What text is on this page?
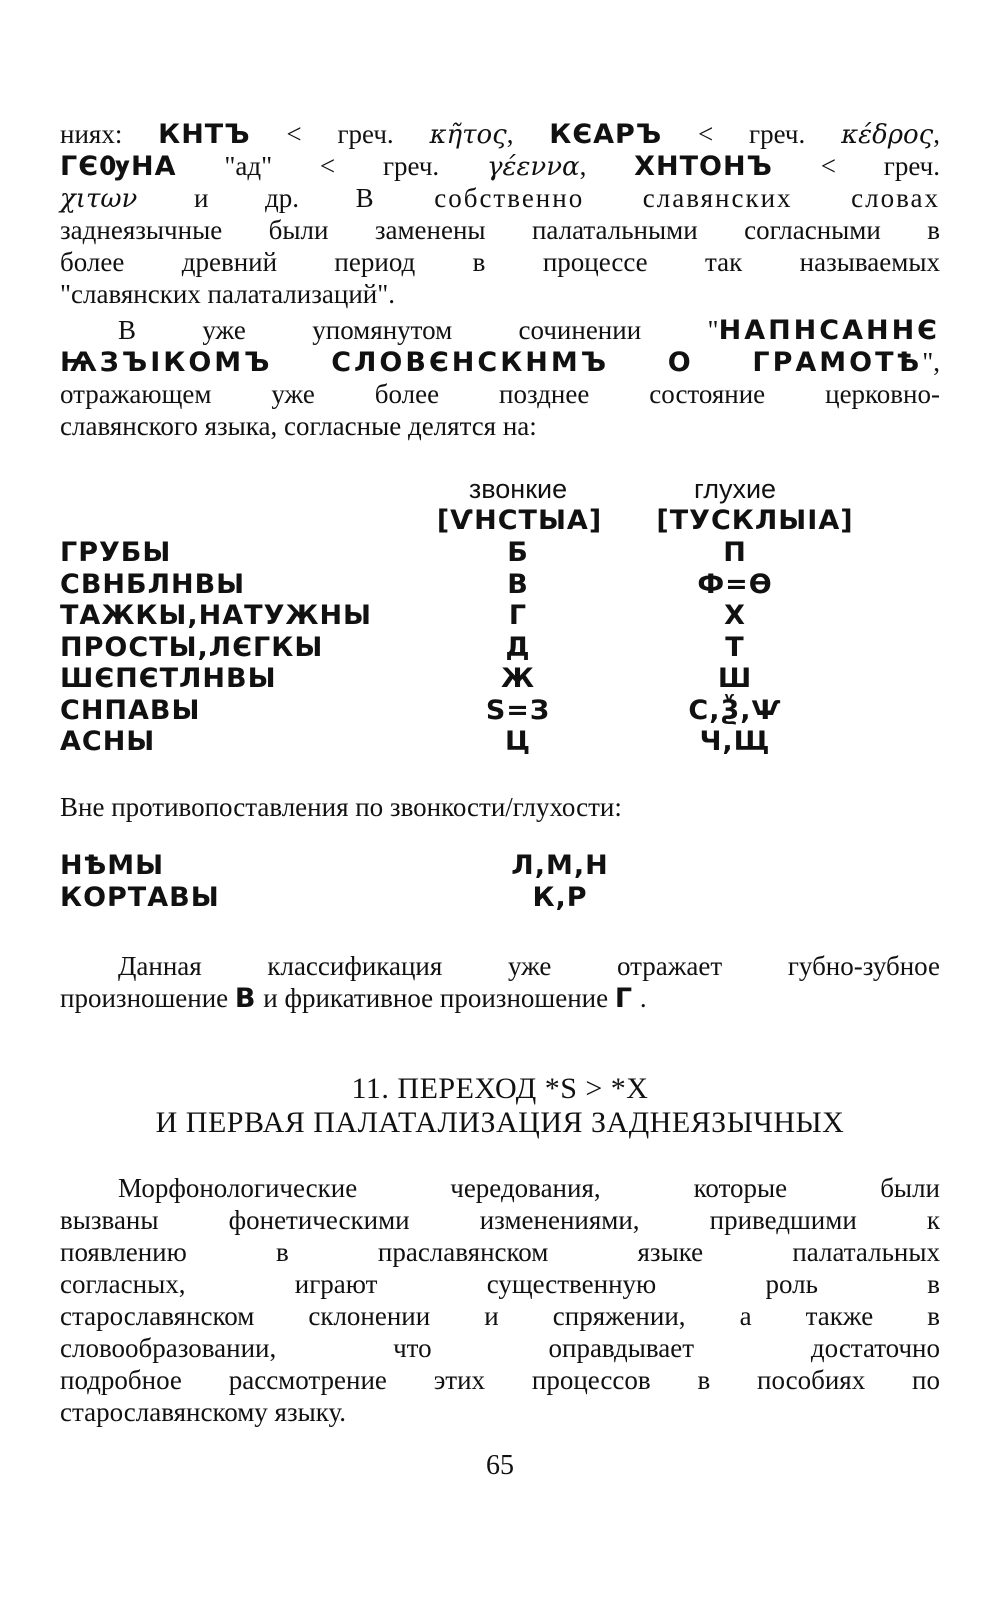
ниях: КНТЪ < греч. κῆτος, КЄАРЪ < греч. κέδρος,
ГЄѸНА "ад" < греч. γέεννα, ХНТОНЪ < греч.
χιτων и др. В собственно славянских словах
заднеязычные были заменены палатальными согласными в
более древний период в процессе так называемых
"славянских палатализаций".
В уже упомянутом сочинении "НАПНСАННЄ
ѨЗЪІКОМЪ СЛОВЄНСКНМЪ О ГРАМОТѢ",
отражающем уже более позднее состояние церковно-
славянского языка, согласные делятся на:
звонкие	глухие
[ѴНСТЫА]	[ТУСКЛЫІА]
ГРУБЫ	Б	П
СВНБЛНВЫ	В	Ф=Ѳ
ТАЖКЫ,НАТУЖНЫ	Г	Х
ПРОСТЫ,ЛЄГКЫ	Д	Т
ШЄПЄТЛНВЫ	Ж	Ш
СНПАВЫ	Ѕ=З	С,Ѯ,Ѱ
АСНЫ	Ц	Ч,Щ
Вне противопоставления по звонкости/глухости:
НѢМЫ	Л,М,Н
КОРТАВЫ	К,Р
Данная классификация уже отражает губно-зубное
произношение В и фрикативное произношение Г .
11. ПЕРЕХОД *S > *X
И ПЕРВАЯ ПАЛАТАЛИЗАЦИЯ ЗАДНЕЯЗЫЧНЫХ
Морфонологические чередования, которые были
вызваны фонетическими изменениями, приведшими к
появлению в праславянском языке палатальных
согласных, играют существенную роль в
старославянском склонении и спряжении, а также в
словообразовании, что оправдывает достаточно
подробное рассмотрение этих процессов в пособиях по
старославянскому языку.
65
